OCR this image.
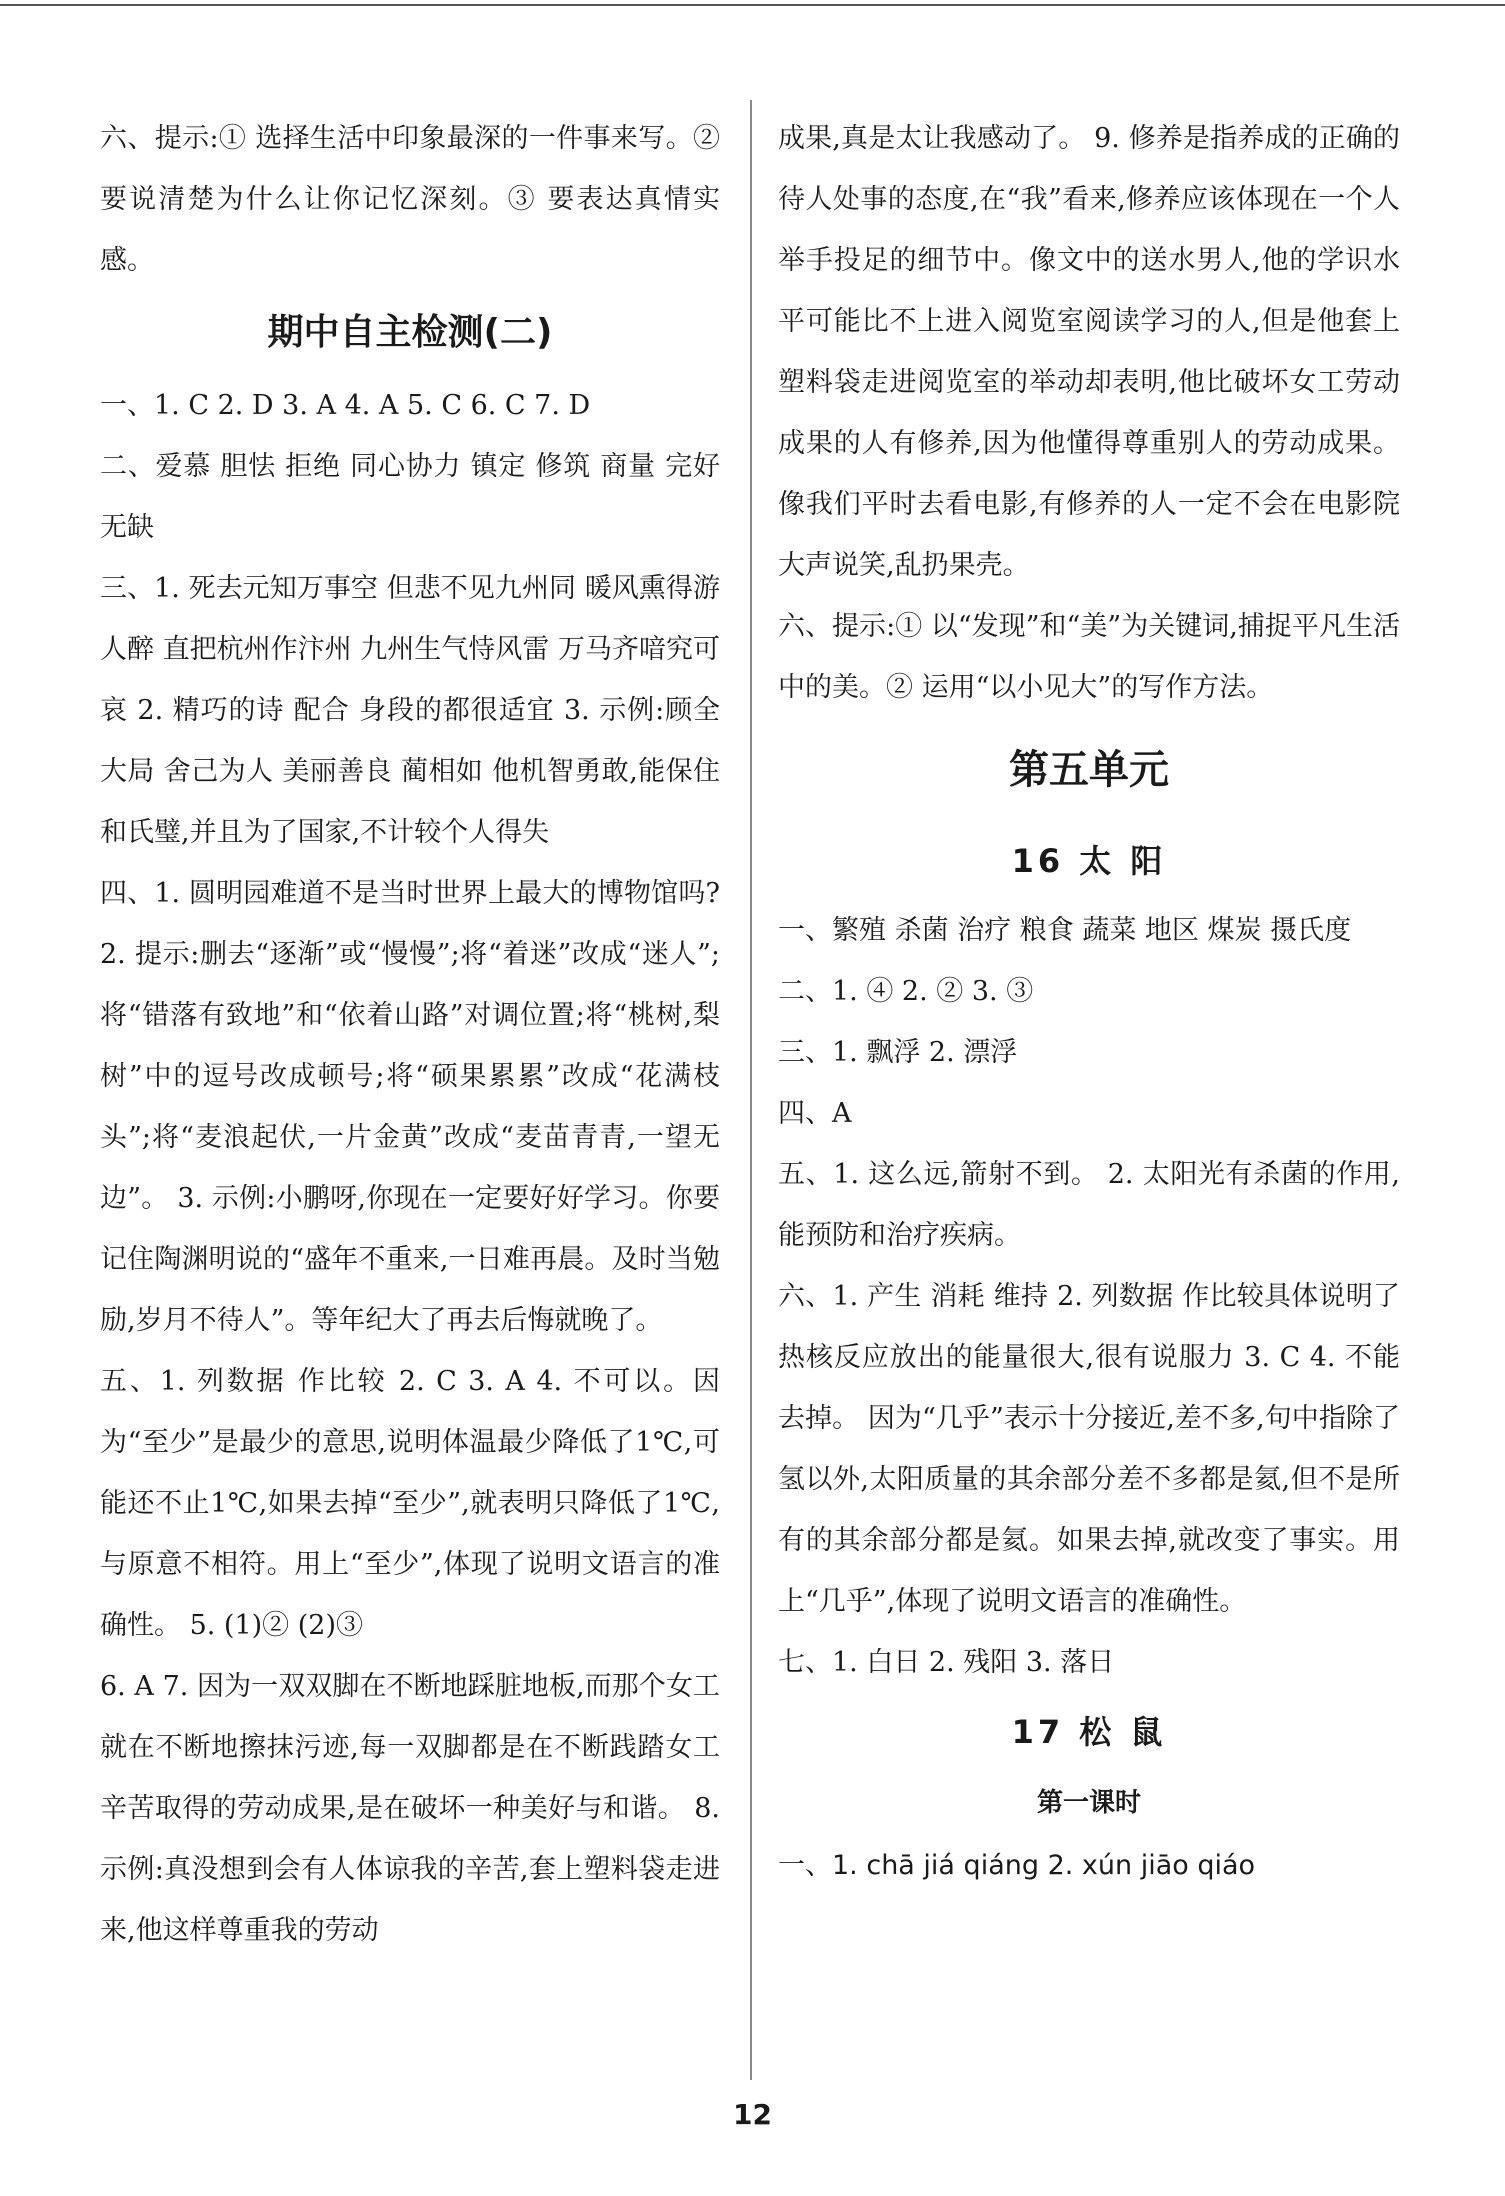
六、提示:① 选择生活中印象最深的一件事来写。② 要说清楚为什么让你记忆深刻。③ 要表达真情实感。

期中自主检测(二)

一、1. C 2. D 3. A 4. A 5. C 6. C 7. D

二、爱慕 胆怯 拒绝 同心协力 镇定 修筑 商量 完好无缺

三、1. 死去元知万事空 但悲不见九州同 暖风熏得游人醉 直把杭州作汴州 九州生气恃风雷 万马齐喑究可哀 2. 精巧的诗 配合 身段的都很适宜 3. 示例:顾全大局 舍己为人 美丽善良 蔺相如 他机智勇敢,能保住和氏璧,并且为了国家,不计较个人得失

四、1. 圆明园难道不是当时世界上最大的博物馆吗? 2. 提示:删去“逐渐”或“慢慢”;将“着迷”改成“迷人”;将“错落有致地”和“依着山路”对调位置;将“桃树,梨树”中的逗号改成顿号;将“硕果累累”改成“花满枝头”;将“麦浪起伏,一片金黄”改成“麦苗青青,一望无边”。 3. 示例:小鹏呀,你现在一定要好好学习。你要记住陶渊明说的“盛年不重来,一日难再晨。及时当勉励,岁月不待人”。等年纪大了再去后悔就晚了。

五、1. 列数据 作比较 2. C 3. A 4. 不可以。因为“至少”是最少的意思,说明体温最少降低了1℃,可能还不止1℃,如果去掉“至少”,就表明只降低了1℃,与原意不相符。用上“至少”,体现了说明文语言的准确性。 5. (1)② (2)③

6. A 7. 因为一双双脚在不断地踩脏地板,而那个女工就在不断地擦抹污迹,每一双脚都是在不断践踏女工辛苦取得的劳动成果,是在破坏一种美好与和谐。 8. 示例:真没想到会有人体谅我的辛苦,套上塑料袋走进来,他这样尊重我的劳动

成果,真是太让我感动了。 9. 修养是指养成的正确的待人处事的态度,在“我”看来,修养应该体现在一个人举手投足的细节中。像文中的送水男人,他的学识水平可能比不上进入阅览室阅读学习的人,但是他套上塑料袋走进阅览室的举动却表明,他比破坏女工劳动成果的人有修养,因为他懂得尊重别人的劳动成果。像我们平时去看电影,有修养的人一定不会在电影院大声说笑,乱扔果壳。

六、提示:① 以“发现”和“美”为关键词,捕捉平凡生活中的美。② 运用“以小见大”的写作方法。

第五单元
16 太 阳

一、繁殖 杀菌 治疗 粮食 蔬菜 地区 煤炭 摄氏度

二、1. ④ 2. ② 3. ③

三、1. 飘浮 2. 漂浮

四、A

五、1. 这么远,箭射不到。 2. 太阳光有杀菌的作用,能预防和治疗疾病。

六、1. 产生 消耗 维持 2. 列数据 作比较具体说明了热核反应放出的能量很大,很有说服力 3. C 4. 不能去掉。 因为“几乎”表示十分接近,差不多,句中指除了氢以外,太阳质量的其余部分差不多都是氦,但不是所有的其余部分都是氦。如果去掉,就改变了事实。用上“几乎”,体现了说明文语言的准确性。

七、1. 白日 2. 残阳 3. 落日

17 松 鼠
第一课时

一、1. chā jiá qiáng 2. xún jiāo qiáo

12
